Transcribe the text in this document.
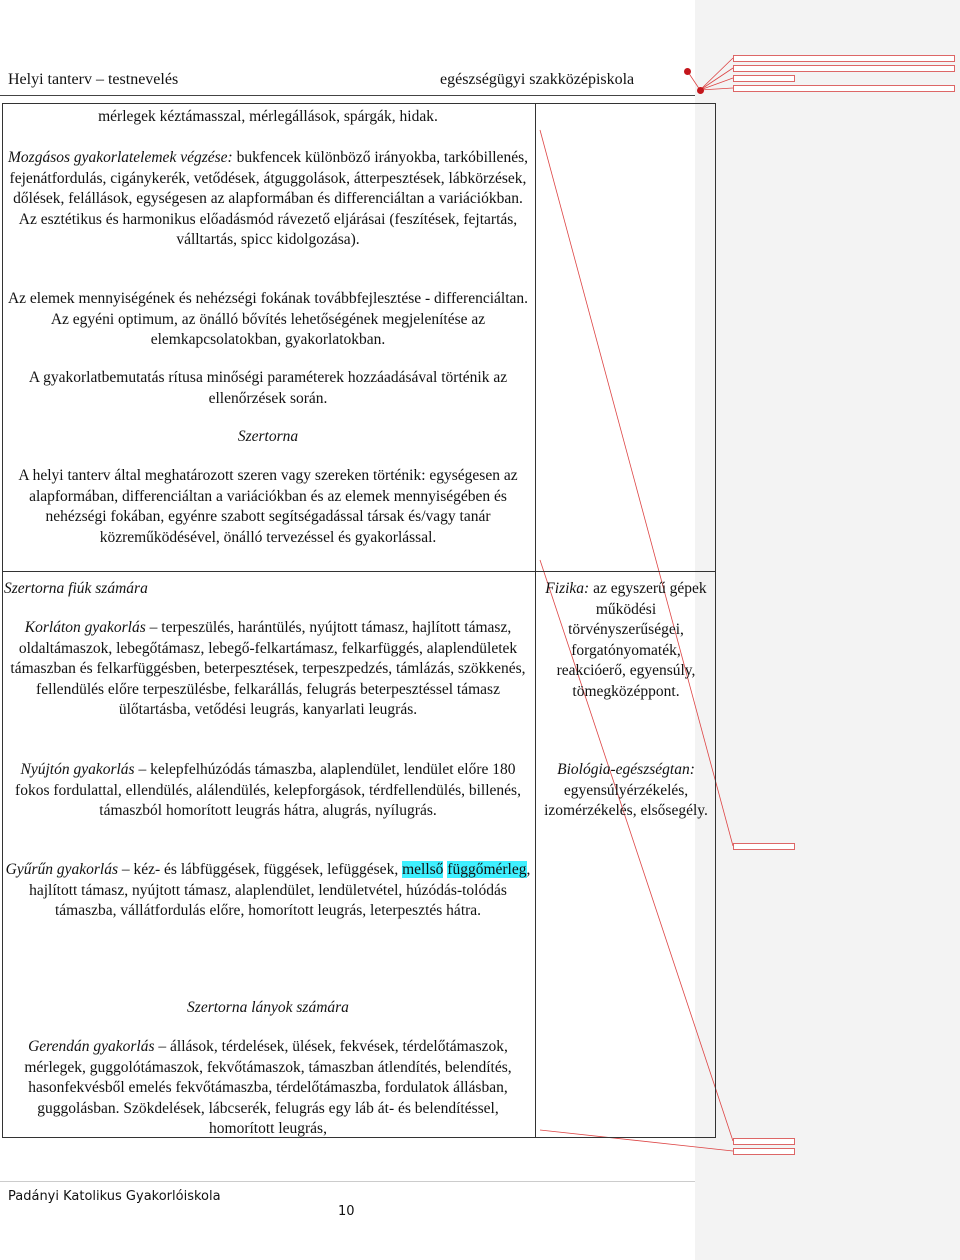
Helyi tanterv – testnevelés	egészségügyi szakközépiskola
mérlegek kéztámasszal, mérlegállások, spárgák, hidak.
Mozgásos gyakorlatelemek végzése: bukfencek különböző irányokba, tarkóbillenés, fejenátfordulás, cigánykerék, vetődések, átguggolások, átterpesztések, lábkörzések, dőlések, felállások, egységesen az alapformában és differenciáltan a variációkban. Az esztétikus és harmonikus előadásmód rávezető eljárásai (feszítések, fejtartás, válltartás, spicc kidolgozása).
Az elemek mennyiségének és nehézségi fokának továbbfejlesztése - differenciáltan. Az egyéni optimum, az önálló bővítés lehetőségének megjelenítése az elemkapcsolatokban, gyakorlatokban.
A gyakorlatbemutatás rítusa minőségi paraméterek hozzáadásával történik az ellenőrzések során.
Szertorna
A helyi tanterv által meghatározott szeren vagy szereken történik: egységesen az alapformában, differenciáltan a variációkban és az elemek mennyiségében és nehézségi fokában, egyénre szabott segítségadással társak és/vagy tanár közreműködésével, önálló tervezéssel és gyakorlással.
Szertorna fiúk számára
Korláton gyakorlás – terpeszülés, harántülés, nyújtott támasz, hajlított támasz, oldaltámaszok, lebegőtámasz, lebegő-felkartámasz, felkarfüggés, alaplendületek támaszban és felkarfüggésben, beterpesztések, terpeszpedzés, támlázás, szökkenés, fellendülés előre terpeszülésbe, felkarállás, felugrás beterpesztéssel támasz ülőtartásba, vetődési leugrás, kanyarlati leugrás.
Nyújtón gyakorlás – kelepfelhúzódás támaszba, alaplendület, lendület előre 180 fokos fordulattal, ellendülés, alálendülés, kelepforgások, térdfellendülés, billenés, támaszból homorított leugrás hátra, alugrás, nyílugrás.
Gyűrűn gyakorlás – kéz- és lábfüggések, függések, lefüggések, mellső függőmérleg, hajlított támasz, nyújtott támasz, alaplendület, lendületvétel, húzódás-tolódás támaszba, vállátfordulás előre, homorított leugrás, leterpesztés hátra.
Szertorna lányok számára
Gerendán gyakorlás – állások, térdelések, ülések, fekvések, térdelőtámaszok, mérlegek, guggolótámaszok, fekvőtámaszok, támaszban átlendítés, belendítés, hasonfekvésből emelés fekvőtámaszba, térdelőtámaszba, fordulatok állásban, guggolásban. Szökdelések, lábcserék, felugrás egy láb át- és belendítéssel, homorított leugrás,
Fizika: az egyszerű gépek működési törvényszerűségei, forgatónyomaték, reakcióerő, egyensúly, tömegközéppont.
Biológia-egészségtan: egyensúlyérzékelés, izomérzékelés, elsősegély.
Padányi Katolikus Gyakorlóiskola
10
